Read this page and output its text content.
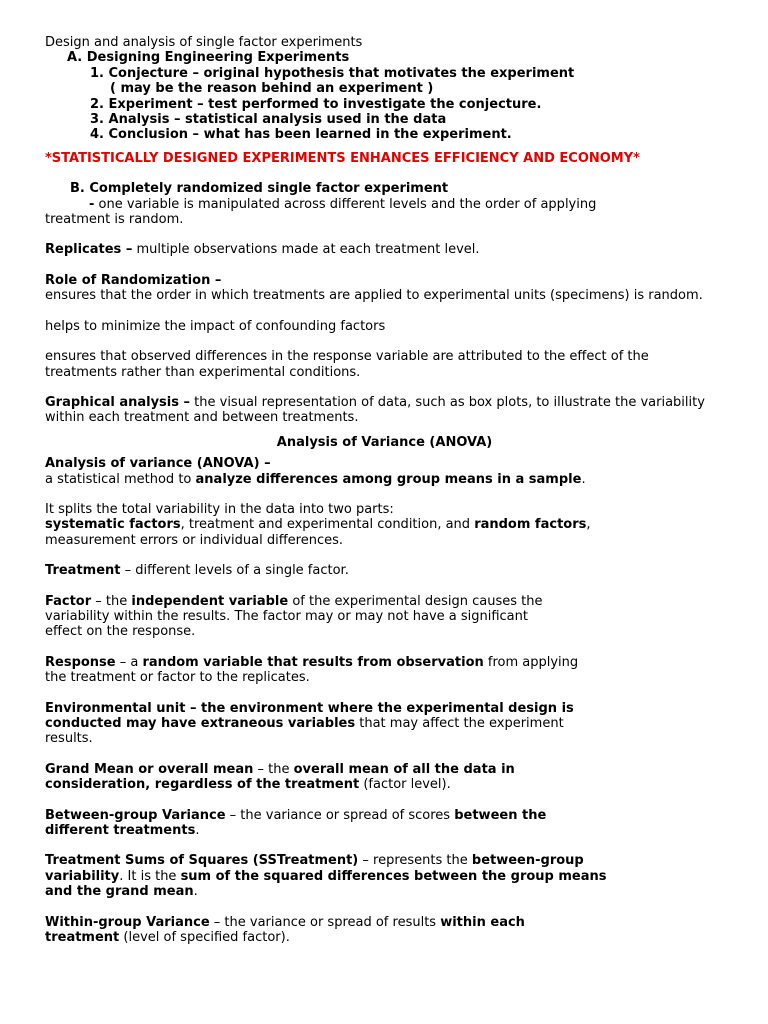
Design and analysis of single factor experiments

A. Designing Engineering Experiments

1. Conjecture – original hypothesis that motivates the experiment
( may be the reason behind an experiment )
2. Experiment – test performed to investigate the conjecture.
3. Analysis – statistical analysis used in the data
4. Conclusion – what has been learned in the experiment.

*STATISTICALLY DESIGNED EXPERIMENTS ENHANCES EFFICIENCY AND ECONOMY*

B. Completely randomized single factor experiment

- one variable is manipulated across different levels and the order of applying

treatment is random.

Replicates – multiple observations made at each treatment level.

Role of Randomization –

ensures that the order in which treatments are applied to experimental units (specimens) is random.

helps to minimize the impact of confounding factors

ensures that observed differences in the response variable are attributed to the effect of the treatments rather than experimental conditions.

Graphical analysis – the visual representation of data, such as box plots, to illustrate the variability within each treatment and between treatments.

Analysis of Variance (ANOVA)

Analysis of variance (ANOVA) –

a statistical method to analyze differences among group means in a sample.

It splits the total variability in the data into two parts:

systematic factors, treatment and experimental condition, and random factors,
measurement errors or individual differences.

Treatment – different levels of a single factor.

Factor – the independent variable of the experimental design causes the
variability within the results. The factor may or may not have a significant
effect on the response.

Response – a random variable that results from observation from applying
the treatment or factor to the replicates.

Environmental unit – the environment where the experimental design is
conducted may have extraneous variables that may affect the experiment
results.

Grand Mean or overall mean – the overall mean of all the data in
consideration, regardless of the treatment (factor level).

Between-group Variance – the variance or spread of scores between the
different treatments.

Treatment Sums of Squares (SSTreatment) – represents the between-group
variability. It is the sum of the squared differences between the group means
and the grand mean.

Within-group Variance – the variance or spread of results within each
treatment (level of specified factor).
